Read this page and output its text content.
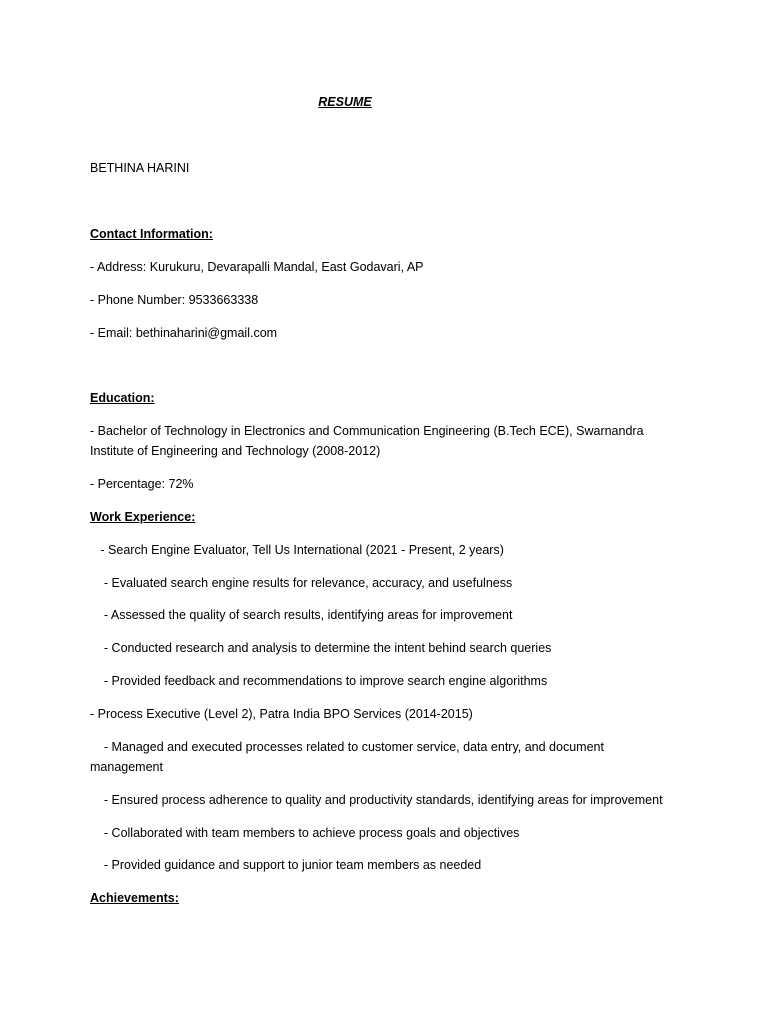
RESUME
BETHINA HARINI
Contact Information:
- Address: Kurukuru, Devarapalli Mandal, East Godavari, AP
- Phone Number: 9533663338
- Email: bethinaharini@gmail.com
Education:
- Bachelor of Technology in Electronics and Communication Engineering (B.Tech ECE), Swarnandra Institute of Engineering and Technology (2008-2012)
- Percentage: 72%
Work Experience:
- Search Engine Evaluator, Tell Us International (2021 - Present, 2 years)
- Evaluated search engine results for relevance, accuracy, and usefulness
- Assessed the quality of search results, identifying areas for improvement
- Conducted research and analysis to determine the intent behind search queries
- Provided feedback and recommendations to improve search engine algorithms
- Process Executive (Level 2), Patra India BPO Services (2014-2015)
- Managed and executed processes related to customer service, data entry, and document management
- Ensured process adherence to quality and productivity standards, identifying areas for improvement
- Collaborated with team members to achieve process goals and objectives
- Provided guidance and support to junior team members as needed
Achievements:
